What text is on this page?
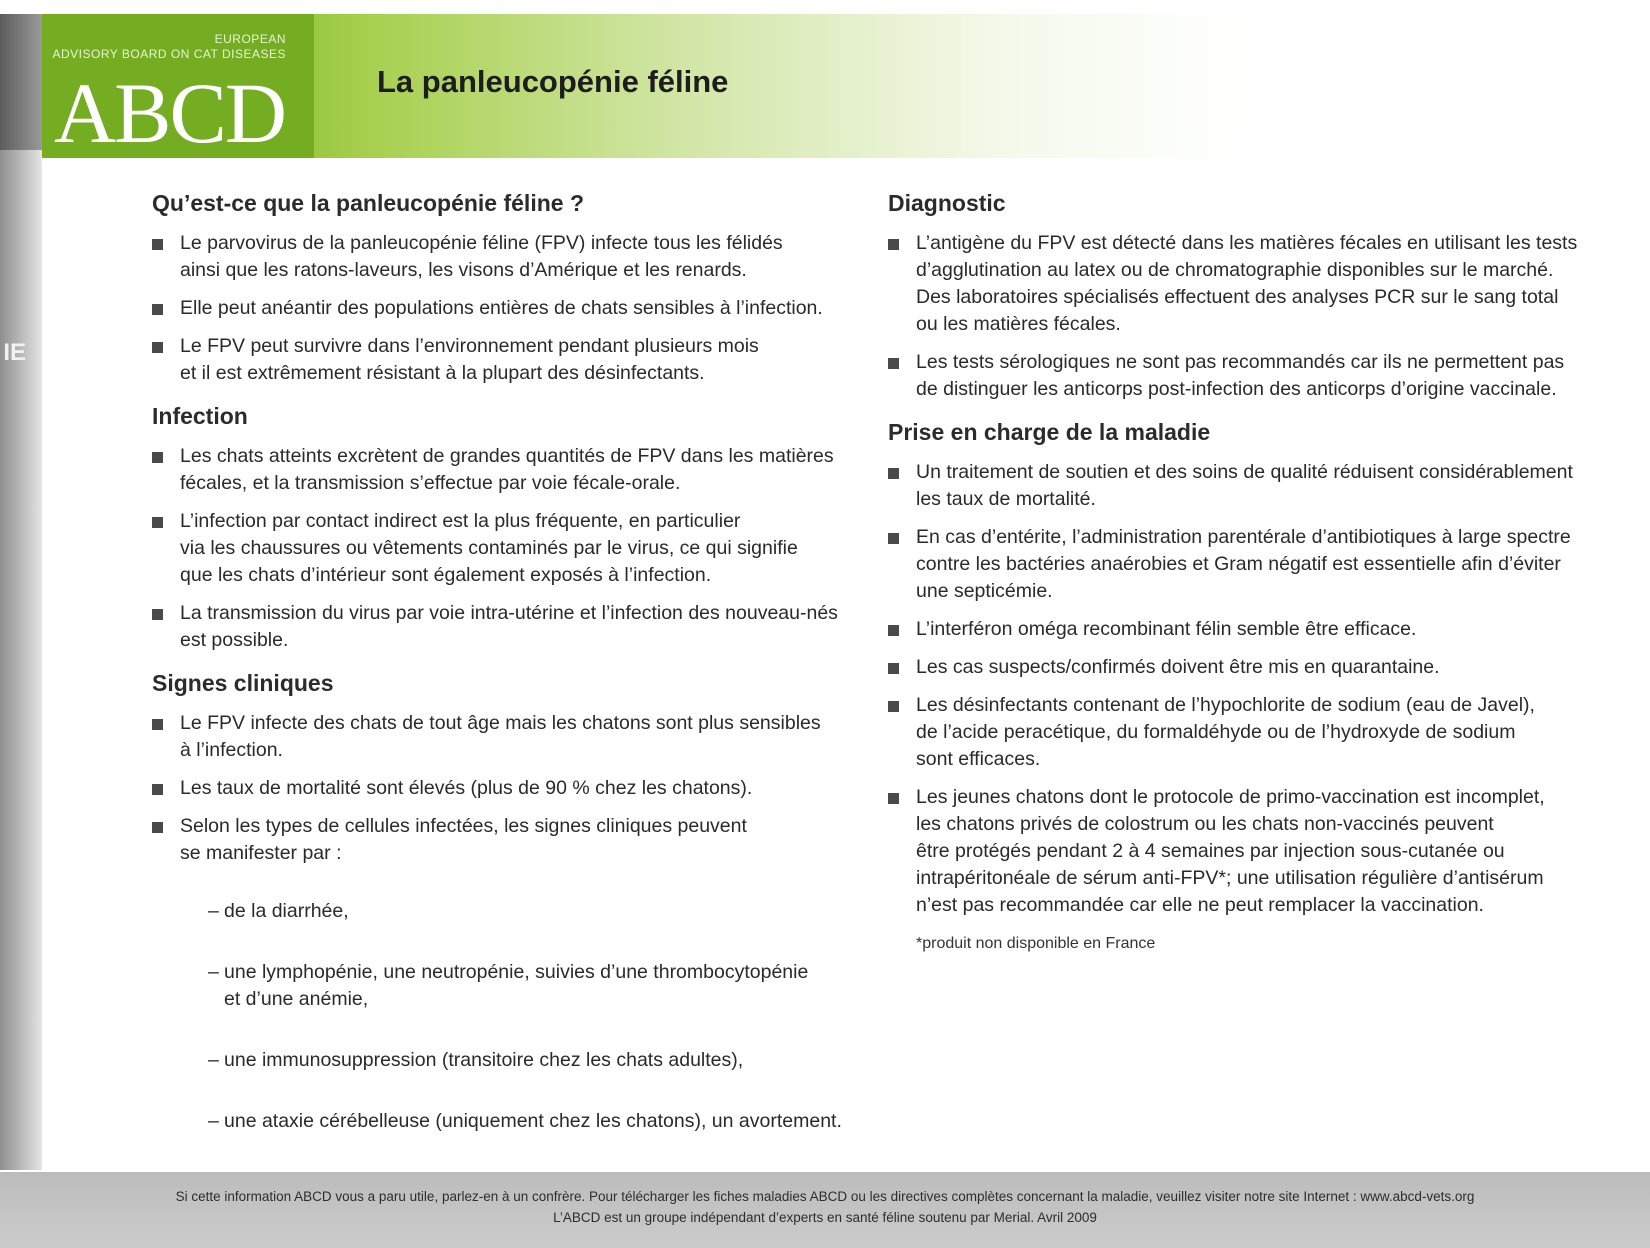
IE
EUROPEAN
ADVISORY BOARD ON CAT DISEASES
ABCD	La panleucopénie féline
Qu’est-ce que la panleucopénie féline ?
Le parvovirus de la panleucopénie féline (FPV) infecte tous les félidés
ainsi que les ratons-laveurs, les visons d’Amérique et les renards.
Elle peut anéantir des populations entières de chats sensibles à l’infection.
Le FPV peut survivre dans l’environnement pendant plusieurs mois
et il est extrêmement résistant à la plupart des désinfectants.
Infection
Les chats atteints excrètent de grandes quantités de FPV dans les matières
fécales, et la transmission s’effectue par voie fécale-orale.
L’infection par contact indirect est la plus fréquente, en particulier
via les chaussures ou vêtements contaminés par le virus, ce qui signifie
que les chats d’intérieur sont également exposés à l’infection.
La transmission du virus par voie intra-utérine et l’infection des nouveau-nés
est possible.
Signes cliniques
Le FPV infecte des chats de tout âge mais les chatons sont plus sensibles
à l’infection.
Les taux de mortalité sont élevés (plus de 90 % chez les chatons).
Selon les types de cellules infectées, les signes cliniques peuvent
se manifester par :

– de la diarrhée,

– une lymphopénie, une neutropénie, suivies d’une thrombocytopénie
et d’une anémie,

– une immunosuppression (transitoire chez les chats adultes),

– une ataxie cérébelleuse (uniquement chez les chatons), un avortement.

Diagnostic
L’antigène du FPV est détecté dans les matières fécales en utilisant les tests
d’agglutination au latex ou de chromatographie disponibles sur le marché.
Des laboratoires spécialisés effectuent des analyses PCR sur le sang total
ou les matières fécales.
Les tests sérologiques ne sont pas recommandés car ils ne permettent pas
de distinguer les anticorps post-infection des anticorps d’origine vaccinale.
Prise en charge de la maladie
Un traitement de soutien et des soins de qualité réduisent considérablement
les taux de mortalité.
En cas d’entérite, l’administration parentérale d’antibiotiques à large spectre
contre les bactéries anaérobies et Gram négatif est essentielle afin d’éviter
une septicémie.
L’interféron oméga recombinant félin semble être efficace.
Les cas suspects/confirmés doivent être mis en quarantaine.
Les désinfectants contenant de l’hypochlorite de sodium (eau de Javel),
de l’acide peracétique, du formaldéhyde ou de l’hydroxyde de sodium
sont efficaces.
Les jeunes chatons dont le protocole de primo-vaccination est incomplet,
les chatons privés de colostrum ou les chats non-vaccinés peuvent
être protégés pendant 2 à 4 semaines par injection sous-cutanée ou
intrapéritonéale de sérum anti-FPV*; une utilisation régulière d’antisérum
n’est pas recommandée car elle ne peut remplacer la vaccination.
*produit non disponible en France
Si cette information ABCD vous a paru utile, parlez-en à un confrère. Pour télécharger les fiches maladies ABCD ou les directives complètes concernant la maladie, veuillez visiter notre site Internet : www.abcd-vets.org
L’ABCD est un groupe indépendant d’experts en santé féline soutenu par Merial. Avril 2009
